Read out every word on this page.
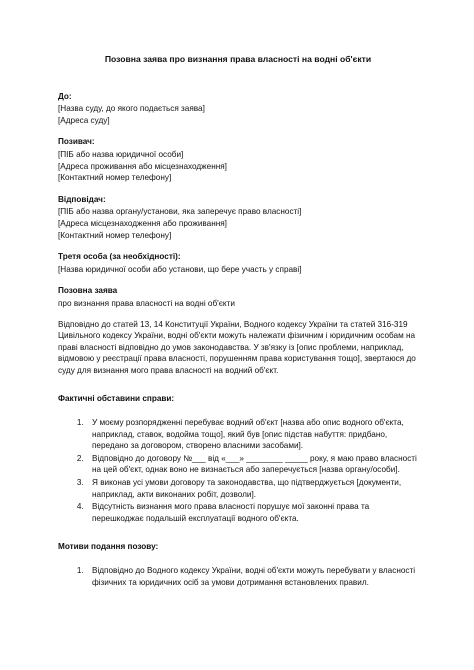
Позовна заява про визнання права власності на водні об'єкти

До:

[Назва суду, до якого подається заява]

[Адреса суду]

Позивач:

[ПІБ або назва юридичної особи]

[Адреса проживання або місцезнаходження]

[Контактний номер телефону]

Відповідач:

[ПІБ або назва органу/установи, яка заперечує право власності]

[Адреса місцезнаходження або проживання]

[Контактний номер телефону]

Третя особа (за необхідності):

[Назва юридичної особи або установи, що бере участь у справі]

Позовна заява

про визнання права власності на водні об'єкти

Відповідно до статей 13, 14 Конституції України, Водного кодексу України та статей 316-319 Цивільного кодексу України, водні об'єкти можуть належати фізичним і юридичним особам на праві власності відповідно до умов законодавства. У зв'язку із [опис проблеми, наприклад, відмовою у реєстрації права власності, порушенням права користування тощо], звертаюся до суду для визнання мого права власності на водний об'єкт.

Фактичні обставини справи:

1. У моєму розпорядженні перебуває водний об'єкт [назва або опис водного об'єкта, наприклад, ставок, водойма тощо], який був [опис підстав набуття: придбано, передано за договором, створено власними засобами].
2. Відповідно до договору №___ від «___» ________ _____ року, я маю право власності на цей об'єкт, однак воно не визнається або заперечується [назва органу/особи].
3. Я виконав усі умови договору та законодавства, що підтверджується [документи, наприклад, акти виконаних робіт, дозволи].
4. Відсутність визнання мого права власності порушує мої законні права та перешкоджає подальшій експлуатації водного об'єкта.

Мотиви подання позову:

1. Відповідно до Водного кодексу України, водні об'єкти можуть перебувати у власності фізичних та юридичних осіб за умови дотримання встановлених правил.
